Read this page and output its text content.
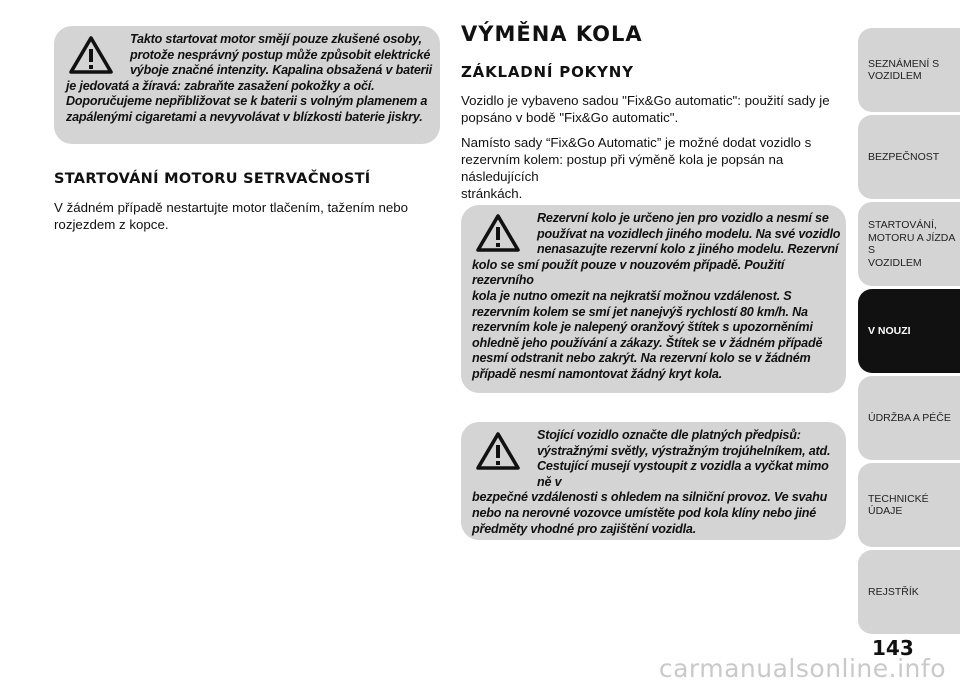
Takto startovat motor smějí pouze zkušené osoby,
protože nesprávný postup může způsobit elektrické
výboje značné intenzity. Kapalina obsažená v baterii
je jedovatá a žíravá: zabraňte zasažení pokožky a očí.
Doporučujeme nepřibližovat se k baterii s volným plamenem a
zapálenými cigaretami a nevyvolávat v blízkosti baterie jiskry.
STARTOVÁNÍ MOTORU SETRVAČNOSTÍ
V žádném případě nestartujte motor tlačením, tažením nebo
rozjezdem z kopce.
VÝMĚNA KOLA
ZÁKLADNÍ POKYNY
Vozidlo je vybaveno sadou "Fix&Go automatic": použití sady je
popsáno v bodě "Fix&Go automatic".
Namísto sady “Fix&Go Automatic” je možné dodat vozidlo s
rezervním kolem: postup při výměně kola je popsán na následujících
stránkách.
Rezervní kolo je určeno jen pro vozidlo a nesmí se
používat na vozidlech jiného modelu. Na své vozidlo
nenasazujte rezervní kolo z jiného modelu. Rezervní
kolo se smí použít pouze v nouzovém případě. Použití rezervního
kola je nutno omezit na nejkratší možnou vzdálenost. S
rezervním kolem se smí jet nanejvýš rychlostí 80 km/h. Na
rezervním kole je nalepený oranžový štítek s upozorněními
ohledně jeho používání a zákazy. Štítek se v žádném případě
nesmí odstranit nebo zakrýt. Na rezervní kolo se v žádném
případě nesmí namontovat žádný kryt kola.
Stojící vozidlo označte dle platných předpisů:
výstražnými světly, výstražným trojúhelníkem, atd.
Cestující musejí vystoupit z vozidla a vyčkat mimo ně v
bezpečné vzdálenosti s ohledem na silniční provoz. Ve svahu
nebo na nerovné vozovce umístěte pod kola klíny nebo jiné
předměty vhodné pro zajištění vozidla.
SEZNÁMENÍ S
VOZIDLEM
BEZPEČNOST
STARTOVÁNÍ,
MOTORU A JÍZDA S
VOZIDLEM
V NOUZI
ÚDRŽBA A PÉČE
TECHNICKÉ ÚDAJE
REJSTŘÍK
143
carmanualsonline.info
